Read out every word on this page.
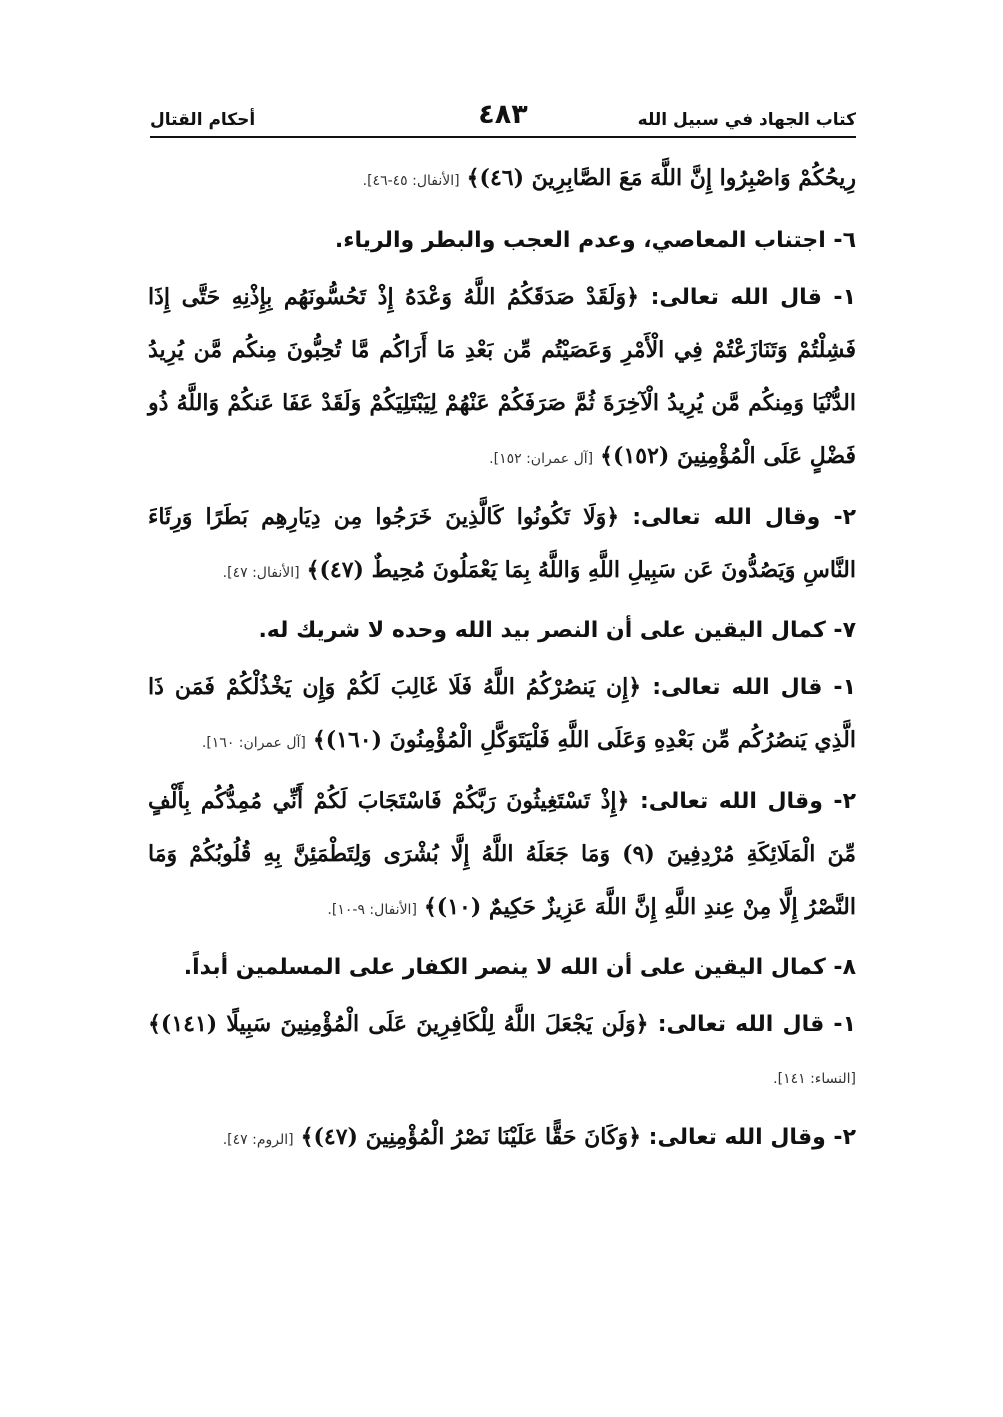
كتاب الجهاد في سبيل الله
٤٨٣
أحكام القتال
رِيحُكُمْ وَاصْبِرُوا إِنَّ اللَّهَ مَعَ الصَّابِرِينَ (٤٦)﴾ [الأنفال: ٤٥-٤٦].
٦- اجتناب المعاصي، وعدم العجب والبطر والرياء.
١- قال الله تعالى: ﴿وَلَقَدْ صَدَقَكُمُ اللَّهُ وَعْدَهُ إِذْ تَحُسُّونَهُم بِإِذْنِهِ حَتَّى إِذَا فَشِلْتُمْ وَتَنَازَعْتُمْ فِي الْأَمْرِ وَعَصَيْتُم مِّن بَعْدِ مَا أَرَاكُم مَّا تُحِبُّونَ مِنكُم مَّن يُرِيدُ الدُّنْيَا وَمِنكُم مَّن يُرِيدُ الْآخِرَةَ ثُمَّ صَرَفَكُمْ عَنْهُمْ لِيَبْتَلِيَكُمْ وَلَقَدْ عَفَا عَنكُمْ وَاللَّهُ ذُو فَضْلٍ عَلَى الْمُؤْمِنِينَ (١٥٢)﴾ [آل عمران: ١٥٢].
٢- وقال الله تعالى: ﴿وَلَا تَكُونُوا كَالَّذِينَ خَرَجُوا مِن دِيَارِهِم بَطَرًا وَرِئَاءَ النَّاسِ وَيَصُدُّونَ عَن سَبِيلِ اللَّهِ وَاللَّهُ بِمَا يَعْمَلُونَ مُحِيطٌ (٤٧)﴾ [الأنفال: ٤٧].
٧- كمال اليقين على أن النصر بيد الله وحده لا شريك له.
١- قال الله تعالى: ﴿إِن يَنصُرْكُمُ اللَّهُ فَلَا غَالِبَ لَكُمْ وَإِن يَخْذُلْكُمْ فَمَن ذَا الَّذِي يَنصُرُكُم مِّن بَعْدِهِ وَعَلَى اللَّهِ فَلْيَتَوَكَّلِ الْمُؤْمِنُونَ (١٦٠)﴾ [آل عمران: ١٦٠].
٢- وقال الله تعالى: ﴿إِذْ تَسْتَغِيثُونَ رَبَّكُمْ فَاسْتَجَابَ لَكُمْ أَنِّي مُمِدُّكُم بِأَلْفٍ مِّنَ الْمَلَائِكَةِ مُرْدِفِينَ (٩) وَمَا جَعَلَهُ اللَّهُ إِلَّا بُشْرَى وَلِتَطْمَئِنَّ بِهِ قُلُوبُكُمْ وَمَا النَّصْرُ إِلَّا مِنْ عِندِ اللَّهِ إِنَّ اللَّهَ عَزِيزٌ حَكِيمٌ (١٠)﴾ [الأنفال: ٩-١٠].
٨- كمال اليقين على أن الله لا ينصر الكفار على المسلمين أبداً.
١- قال الله تعالى: ﴿وَلَن يَجْعَلَ اللَّهُ لِلْكَافِرِينَ عَلَى الْمُؤْمِنِينَ سَبِيلًا (١٤١)﴾ [النساء: ١٤١].
٢- وقال الله تعالى: ﴿وَكَانَ حَقًّا عَلَيْنَا نَصْرُ الْمُؤْمِنِينَ (٤٧)﴾ [الروم: ٤٧].
